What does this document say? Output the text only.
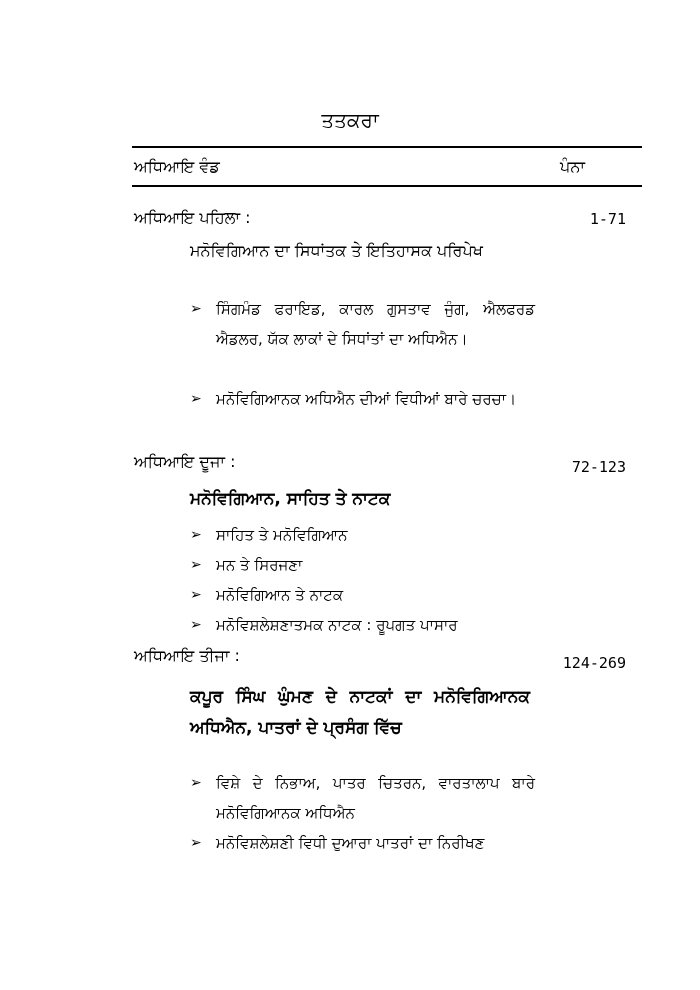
ਤਤਕਰਾ
ਅਧਿਆਇ ਵੰਡ	ਪੰਨਾ
ਅਧਿਆਇ ਪਹਿਲਾ :	1-71
ਮਨੋਵਿਗਿਆਨ ਦਾ ਸਿਧਾਂਤਕ ਤੇ ਇਤਿਹਾਸਕ ਪਰਿਪੇਖ
➢ ਸਿੰਗਮੰਡ ਫਰਾਇਡ, ਕਾਰਲ ਗੁਸਤਾਵ ਜੁੰਗ, ਐਲਫਰਡ ਐਡਲਰ, ਯੱਕ ਲਾਕਾਂ ਦੇ ਸਿਧਾਂਤਾਂ ਦਾ ਅਧਿਐਨ।
➢ ਮਨੋਵਿਗਿਆਨਕ ਅਧਿਐਨ ਦੀਆਂ ਵਿਧੀਆਂ ਬਾਰੇ ਚਰਚਾ।
ਅਧਿਆਇ ਦੂਜਾ :	72-123
ਮਨੋਵਿਗਿਆਨ, ਸਾਹਿਤ ਤੇ ਨਾਟਕ
➢ ਸਾਹਿਤ ਤੇ ਮਨੋਵਿਗਿਆਨ
➢ ਮਨ ਤੇ ਸਿਰਜਣਾ
➢ ਮਨੋਵਿਗਿਆਨ ਤੇ ਨਾਟਕ
➢ ਮਨੋਵਿਸ਼ਲੇਸ਼ਣਾਤਮਕ ਨਾਟਕ : ਰੂਪਗਤ ਪਾਸਾਰ
ਅਧਿਆਇ ਤੀਜਾ :	124-269
ਕਪੂਰ ਸਿੰਘ ਘੁੰਮਣ ਦੇ ਨਾਟਕਾਂ ਦਾ ਮਨੋਵਿਗਿਆਨਕ ਅਧਿਐਨ, ਪਾਤਰਾਂ ਦੇ ਪ੍ਰਸੰਗ ਵਿੱਚ
➢ ਵਿਸ਼ੇ ਦੇ ਨਿਭਾਅ, ਪਾਤਰ ਚਿਤਰਨ, ਵਾਰਤਾਲਾਪ ਬਾਰੇ ਮਨੋਵਿਗਿਆਨਕ ਅਧਿਐਨ
➢ ਮਨੋਵਿਸ਼ਲੇਸ਼ਣੀ ਵਿਧੀ ਦੁਆਰਾ ਪਾਤਰਾਂ ਦਾ ਨਿਰੀਖਣ
